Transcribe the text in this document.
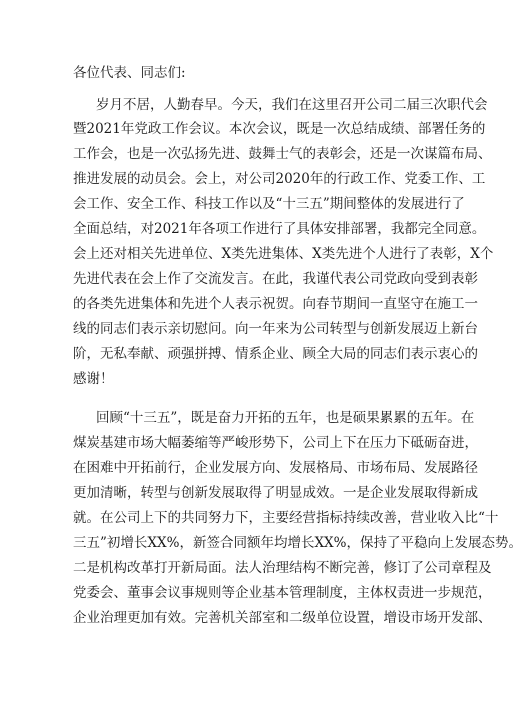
各位代表、同志们:
岁月不居，人勤春早。今天，我们在这里召开公司二届三次职代会
暨2021年党政工作会议。本次会议，既是一次总结成绩、部署任务的
工作会，也是一次弘扬先进、鼓舞士气的表彰会，还是一次谋篇布局、
推进发展的动员会。会上，对公司2020年的行政工作、党委工作、工
会工作、安全工作、科技工作以及“十三五”期间整体的发展进行了
全面总结，对2021年各项工作进行了具体安排部署，我都完全同意。
会上还对相关先进单位、X类先进集体、X类先进个人进行了表彰，X个
先进代表在会上作了交流发言。在此，我谨代表公司党政向受到表彰
的各类先进集体和先进个人表示祝贺。向春节期间一直坚守在施工一
线的同志们表示亲切慰问。向一年来为公司转型与创新发展迈上新台
阶，无私奉献、顽强拼搏、情系企业、顾全大局的同志们表示衷心的
感谢！
回顾“十三五”，既是奋力开拓的五年，也是硕果累累的五年。在
煤炭基建市场大幅萎缩等严峻形势下，公司上下在压力下砥砺奋进，
在困难中开拓前行，企业发展方向、发展格局、市场布局、发展路径
更加清晰，转型与创新发展取得了明显成效。一是企业发展取得新成
就。在公司上下的共同努力下，主要经营指标持续改善，营业收入比“十
三五”初增长XX%，新签合同额年均增长XX%，保持了平稳向上发展态势。
二是机构改革打开新局面。法人治理结构不断完善，修订了公司章程及
党委会、董事会议事规则等企业基本管理制度，主体权责进一步规范，
企业治理更加有效。完善机关部室和二级单位设置，增设市场开发部、
